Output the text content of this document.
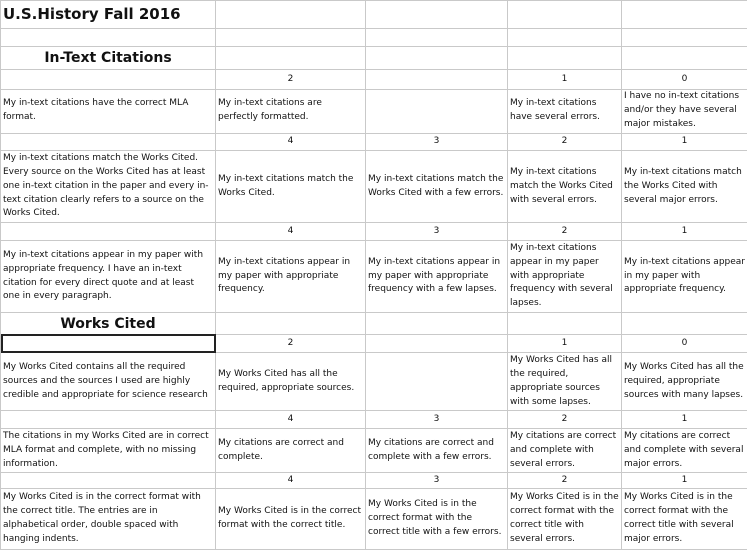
U.S.History Fall 2016				

In-Text Citations				
	2		1	0
My in-text citations have the correct MLA format.	My in-text citations are perfectly formatted.		My in-text citations have several errors.	I have no in-text citations and/or they have several major mistakes.
	4	3	2	1
My in-text citations match the Works Cited. Every source on the Works Cited has at least one in-text citation in the paper and every in-text citation clearly refers to a source on the Works Cited.	My in-text citations match the Works Cited.	My in-text citations match the Works Cited with a few errors.	My in-text citations match the Works Cited with several errors.	My in-text citations match the Works Cited with several major errors.
	4	3	2	1
My in-text citations appear in my paper with appropriate frequency. I have an in-text citation for every direct quote and at least one in every paragraph.	My in-text citations appear in my paper with appropriate frequency.	My in-text citations appear in my paper with appropriate frequency with a few lapses.	My in-text citations appear in my paper with appropriate frequency with several lapses.	My in-text citations appear in my paper with appropriate frequency.
Works Cited				
	2		1	0
My Works Cited contains all the required sources and the sources I used are highly credible and appropriate for science research	My Works Cited has all the required, appropriate sources.		My Works Cited has all the required, appropriate sources with some lapses.	My Works Cited has all the required, appropriate sources with many lapses.
	4	3	2	1
The citations in my Works Cited are in correct MLA format and complete, with no missing information.	My citations are correct and complete.	My citations are correct and complete with a few errors.	My citations are correct and complete with several errors.	My citations are correct and complete with several major errors.
	4	3	2	1
My Works Cited is in the correct format with the correct title. The entries are in alphabetical order, double spaced with hanging indents.	My Works Cited is in the correct format with the correct title.	My Works Cited is in the correct format with the correct title with a few errors.	My Works Cited is in the correct format with the correct title with several errors.	My Works Cited is in the correct format with the correct title with several major errors.
